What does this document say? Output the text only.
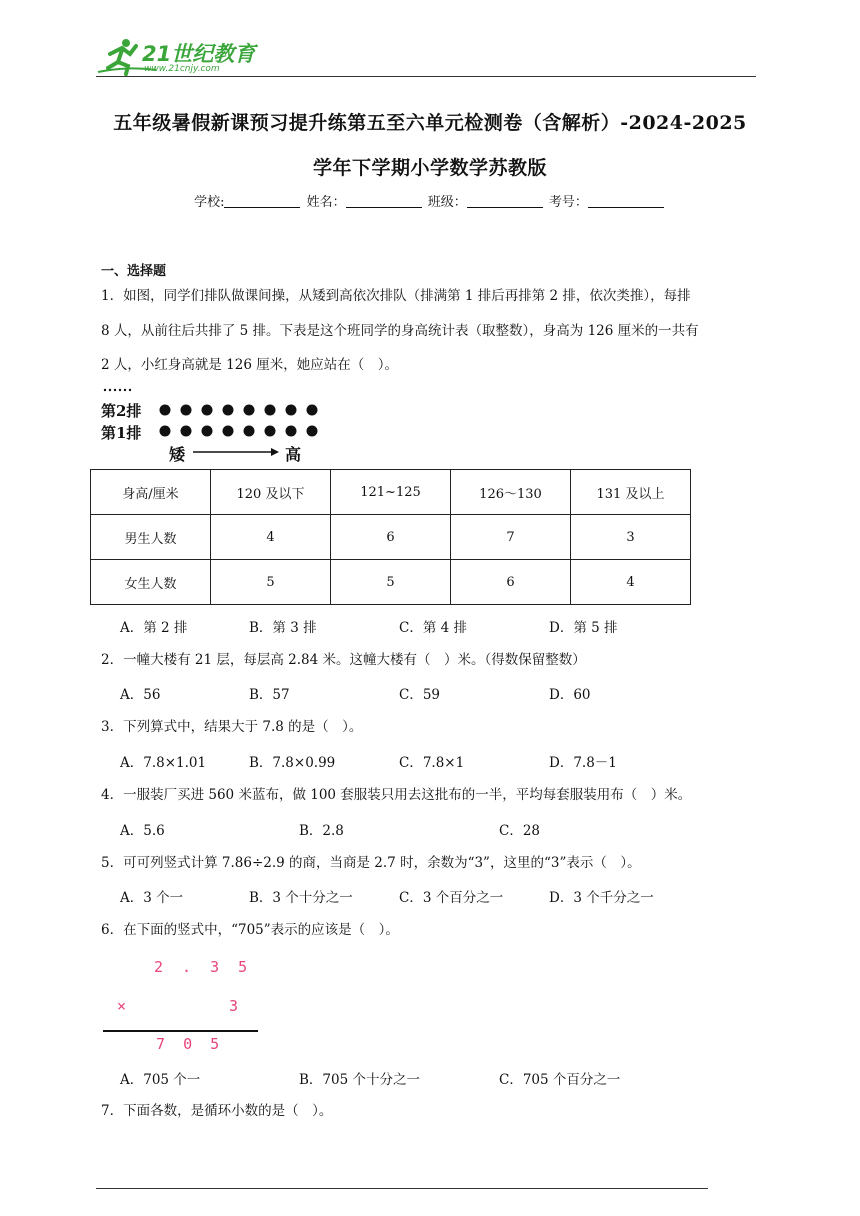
21世纪教育
www.21cnjy.com
五年级暑假新课预习提升练第五至六单元检测卷（含解析）-2024-2025
学年下学期小学数学苏教版
学校:	姓名：	班级：	考号：
一、选择题
1．如图，同学们排队做课间操，从矮到高依次排队（排满第 1 排后再排第 2 排，依次类推），每排
8 人，从前往后共排了 5 排。下表是这个班同学的身高统计表（取整数），身高为 126 厘米的一共有
2 人，小红身高就是 126 厘米，她应站在（　）。
第2排
第1排
矮	高
身高/厘米	120 及以下	121~125	126～130	131 及以上
男生人数	4	6	7	3
女生人数	5	5	6	4
A．第 2 排	B．第 3 排	C．第 4 排	D．第 5 排
2．一幢大楼有 21 层，每层高 2.84 米。这幢大楼有（　）米。（得数保留整数）
A．56	B．57	C．59	D．60
3．下列算式中，结果大于 7.8 的是（　）。
A．7.8×1.01	B．7.8×0.99	C．7.8×1	D．7.8－1
4．一服装厂买进 560 米蓝布，做 100 套服装只用去这批布的一半，平均每套服装用布（　）米。
A．5.6	B．2.8	C．28
5．可可列竖式计算 7.86÷2.9 的商，当商是 2.7 时，余数为“3”，这里的“3”表示（　）。
A．3 个一	B．3 个十分之一	C．3 个百分之一	D．3 个千分之一
6．在下面的竖式中，“705”表示的应该是（　）。
2 . 3 5
×	3
7  0  5
A．705 个一	B．705 个十分之一	C．705 个百分之一
7．下面各数，是循环小数的是（　）。
